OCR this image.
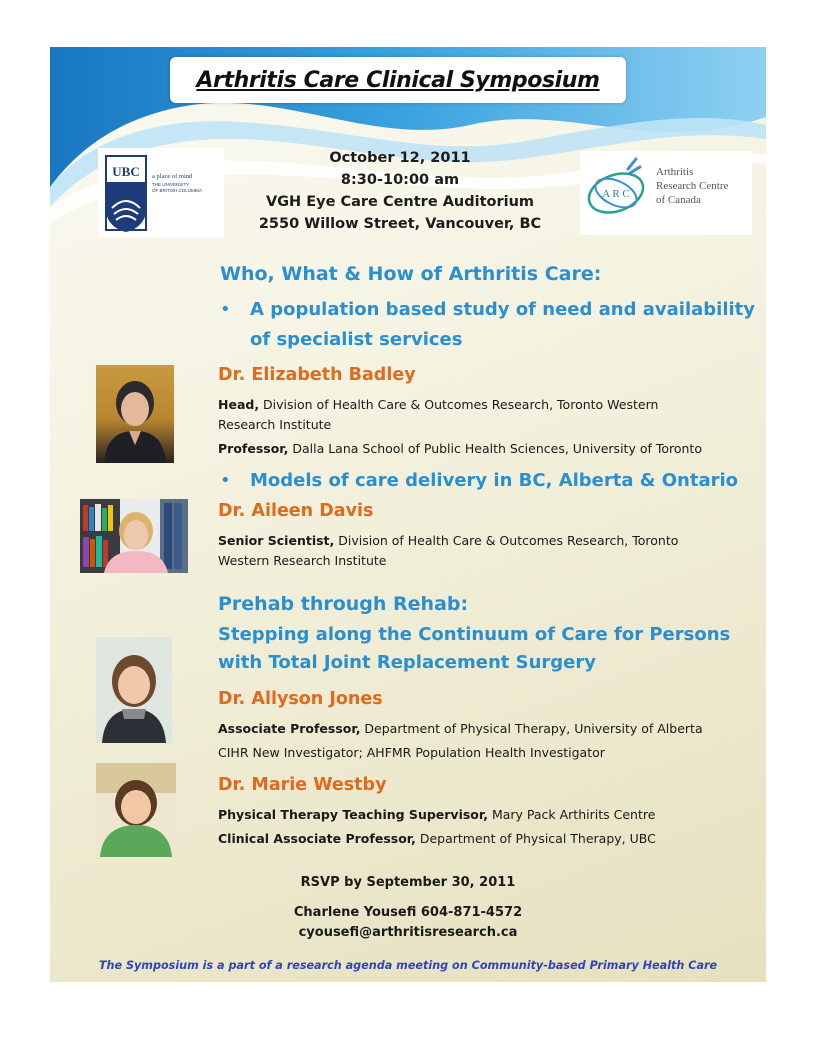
Arthritis Care Clinical Symposium
UBC a place of mind
THE UNIVERSITY
OF BRITISH COLUMBIA	A R C
Arthritis
Research Centre
of Canada
October 12, 2011
8:30-10:00 am
VGH Eye Care Centre Auditorium
2550 Willow Street, Vancouver, BC
Who, What & How of Arthritis Care:
• A population based study of need and availability
of specialist services
Dr. Elizabeth Badley
Head, Division of Health Care & Outcomes Research, Toronto Western
Research Institute
Professor, Dalla Lana School of Public Health Sciences, University of Toronto
• Models of care delivery in BC, Alberta & Ontario
Dr. Aileen Davis
Senior Scientist, Division of Health Care & Outcomes Research, Toronto
Western Research Institute
Prehab through Rehab:
Stepping along the Continuum of Care for Persons
with Total Joint Replacement Surgery
Dr. Allyson Jones
Associate Professor, Department of Physical Therapy, University of Alberta
CIHR New Investigator; AHFMR Population Health Investigator
Dr. Marie Westby
Physical Therapy Teaching Supervisor, Mary Pack Arthirits Centre
Clinical Associate Professor, Department of Physical Therapy, UBC
RSVP by September 30, 2011
Charlene Yousefi 604-871-4572
cyousefi@arthritisresearch.ca
The Symposium is a part of a research agenda meeting on Community-based Primary Health Care
